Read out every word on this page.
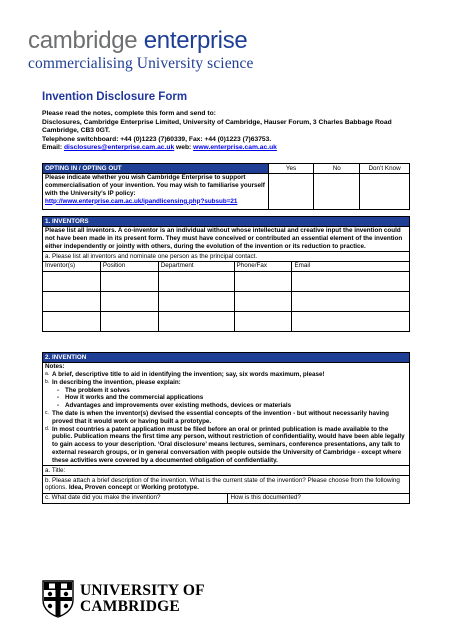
cambridge enterprise
commercialising University science
Invention Disclosure Form
Please read the notes, complete this form and send to:
Disclosures, Cambridge Enterprise Limited, University of Cambridge, Hauser Forum, 3 Charles Babbage Road Cambridge, CB3 0GT.
Telephone switchboard: +44 (0)1223 (7)60339, Fax: +44 (0)1223 (7)63753.
Email: disclosures@enterprise.cam.ac.uk web: www.enterprise.cam.ac.uk
OPTING IN / OPTING OUT	Yes	No	Don’t Know
Please indicate whether you wish Cambridge Enterprise to support commercialisation of your invention. You may wish to familiarise yourself with the University’s IP policy:
http://www.enterprise.cam.ac.uk/ipandlicensing.php?subsub=21			
1. INVENTORS				
Please list all inventors. A co-inventor is an individual without whose intellectual and creative input the invention could not have been made in its present form. They must have conceived or contributed an essential element of the invention either independently or jointly with others, during the evolution of the invention or its reduction to practice.				
a. Please list all inventors and nominate one person as the principal contact.				
Inventor(s)	Position	Department	Phone/Fax	Email

2. INVENTION

Notes:
a. A brief, descriptive title to aid in identifying the invention; say, six words maximum, please!
b. In describing the invention, please explain:
- The problem it solves
- How it works and the commercial applications
- Advantages and improvements over existing methods, devices or materials
c. The date is when the inventor(s) devised the essential concepts of the invention - but without necessarily having proved that it would work or having built a prototype.
d. In most countries a patent application must be filed before an oral or printed publication is made available to the public. Publication means the first time any person, without restriction of confidentiality, would have been able legally to gain access to your description. ‘Oral disclosure’ means lectures, seminars, conference presentations, any talk to external research groups, or in general conversation with people outside the University of Cambridge - except where these activities were covered by a documented obligation of confidentiality.

a. Title:
b. Please attach a brief description of the invention. What is the current state of the invention? Please choose from the following options. Idea, Proven concept or Working prototype.
c. What date did you make the invention?	How is this documented?
UNIVERSITY OF
CAMBRIDGE
